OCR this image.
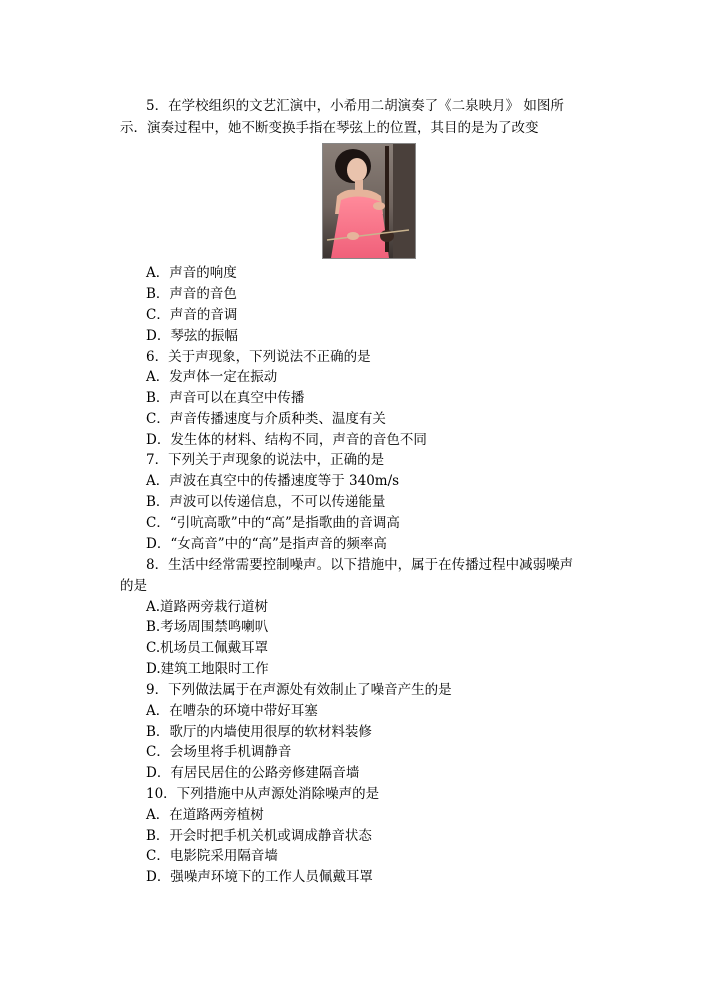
5．在学校组织的文艺汇演中，小希用二胡演奏了《二泉映月》 如图所
示．演奏过程中，她不断变换手指在琴弦上的位置，其目的是为了改变
A．声音的响度
B．声音的音色
C．声音的音调
D．琴弦的振幅
6．关于声现象，下列说法不正确的是
A．发声体一定在振动
B．声音可以在真空中传播
C．声音传播速度与介质种类、温度有关
D．发生体的材料、结构不同，声音的音色不同
7．下列关于声现象的说法中，正确的是
A．声波在真空中的传播速度等于 340m/s
B．声波可以传递信息，不可以传递能量
C．“引吭高歌”中的“高”是指歌曲的音调高
D．“女高音”中的“高”是指声音的频率高
8．生活中经常需要控制噪声。以下措施中，属于在传播过程中减弱噪声
的是
A.道路两旁栽行道树
B.考场周围禁鸣喇叭
C.机场员工佩戴耳罩
D.建筑工地限时工作
9．下列做法属于在声源处有效制止了噪音产生的是
A．在嘈杂的环境中带好耳塞
B．歌厅的内墙使用很厚的软材料装修
C．会场里将手机调静音
D．有居民居住的公路旁修建隔音墙
10．下列措施中从声源处消除噪声的是
A．在道路两旁植树
B．开会时把手机关机或调成静音状态
C．电影院采用隔音墙
D．强噪声环境下的工作人员佩戴耳罩
